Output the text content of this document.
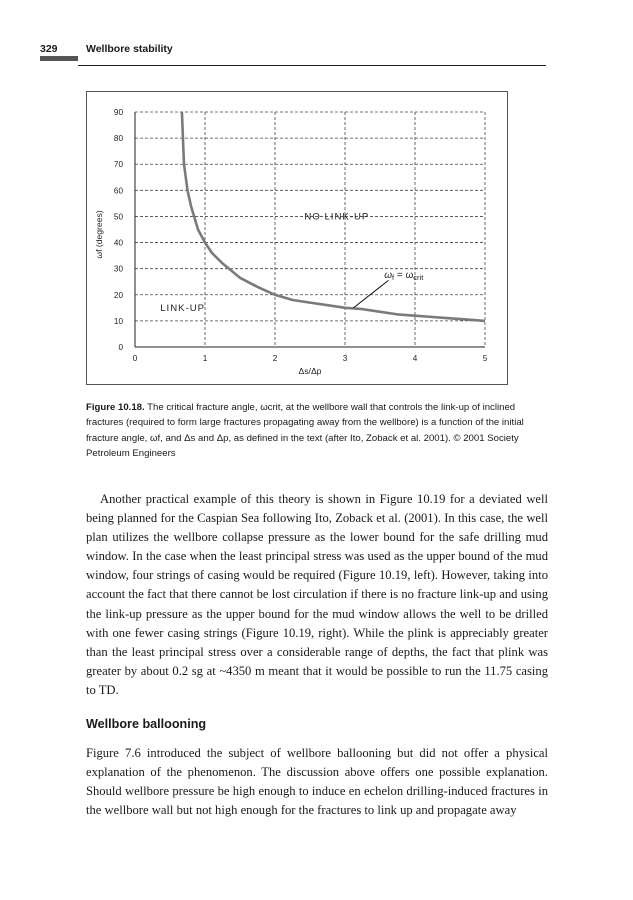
329	Wellbore stability
0
10
20
30
40
50
60
70
80
90
0	1	2	3	4	5
NO LINK-UP
LINK-UP
$\omega_f = \omega_{crit}$
Δs/Δp
ωf (degrees)
Figure 10.18. The critical fracture angle, ωcrit, at the wellbore wall that controls the link-up of inclined fractures (required to form large fractures propagating away from the wellbore) is a function of the initial fracture angle, ωf, and Δs and Δp, as defined in the text (after Ito, Zoback et al. 2001). © 2001 Society Petroleum Engineers
Another practical example of this theory is shown in Figure 10.19 for a deviated well being planned for the Caspian Sea following Ito, Zoback et al. (2001). In this case, the well plan utilizes the wellbore collapse pressure as the lower bound for the safe drilling mud window. In the case when the least principal stress was used as the upper bound of the mud window, four strings of casing would be required (Figure 10.19, left). However, taking into account the fact that there cannot be lost circulation if there is no fracture link-up and using the link-up pressure as the upper bound for the mud window allows the well to be drilled with one fewer casing strings (Figure 10.19, right). While the plink is appreciably greater than the least principal stress over a considerable range of depths, the fact that plink was greater by about 0.2 sg at ~4350 m meant that it would be possible to run the 11.75 casing to TD.
Wellbore ballooning
Figure 7.6 introduced the subject of wellbore ballooning but did not offer a physical explanation of the phenomenon. The discussion above offers one possible explanation. Should wellbore pressure be high enough to induce en echelon drilling-induced fractures in the wellbore wall but not high enough for the fractures to link up and propagate away
